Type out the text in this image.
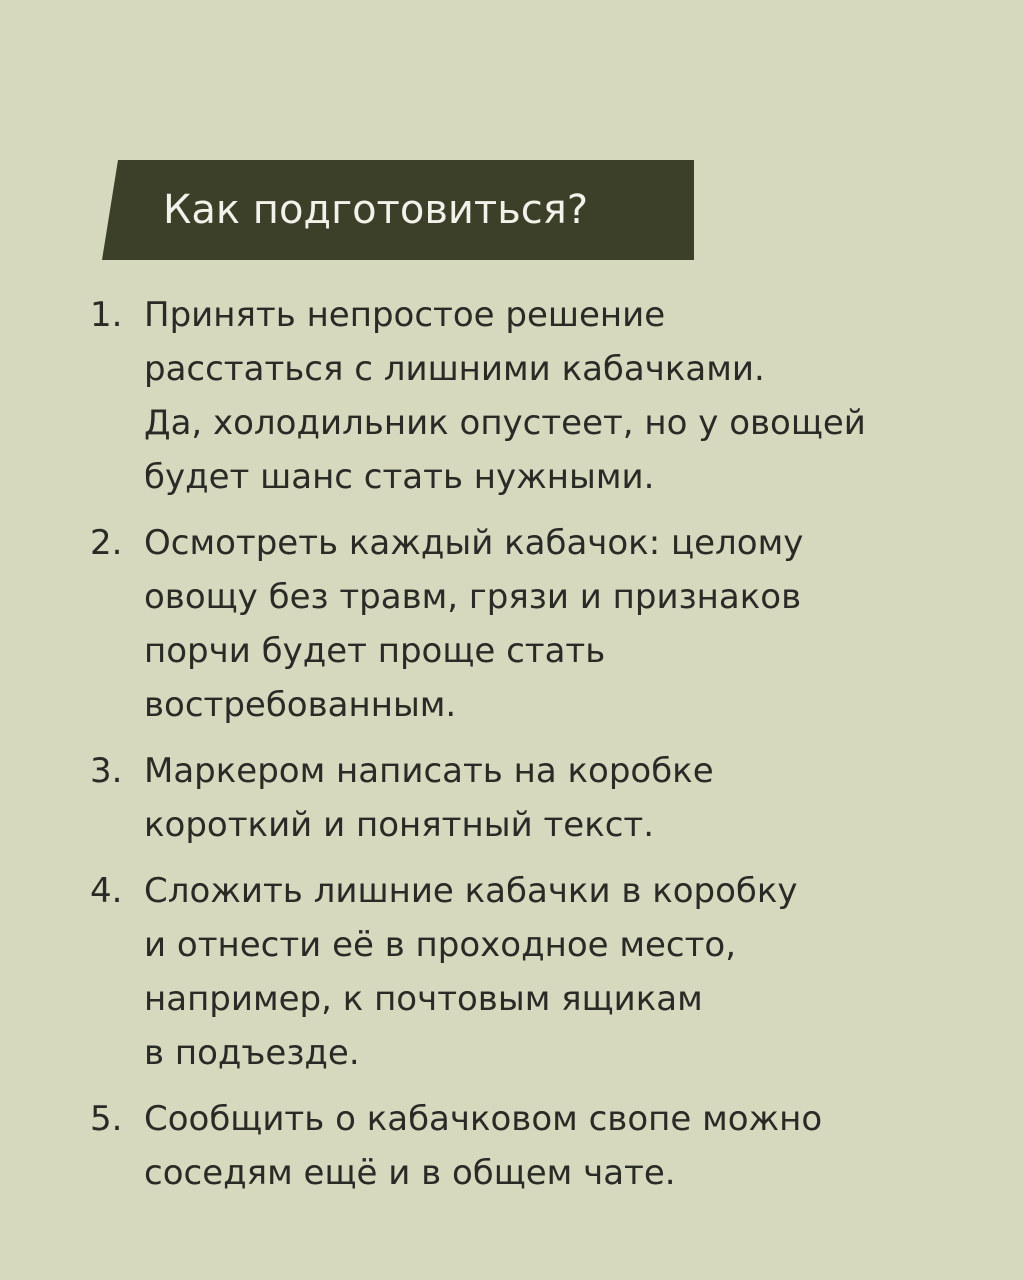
Как подготовиться?
1. Принять непростое решение
расстаться с лишними кабачками.
Да, холодильник опустеет, но у овощей
будет шанс стать нужными.
2. Осмотреть каждый кабачок: целому
овощу без травм, грязи и признаков
порчи будет проще стать
востребованным.
3. Маркером написать на коробке
короткий и понятный текст.
4. Сложить лишние кабачки в коробку
и отнести её в проходное место,
например, к почтовым ящикам
в подъезде.
5. Сообщить о кабачковом свопе можно
соседям ещё и в общем чате.
